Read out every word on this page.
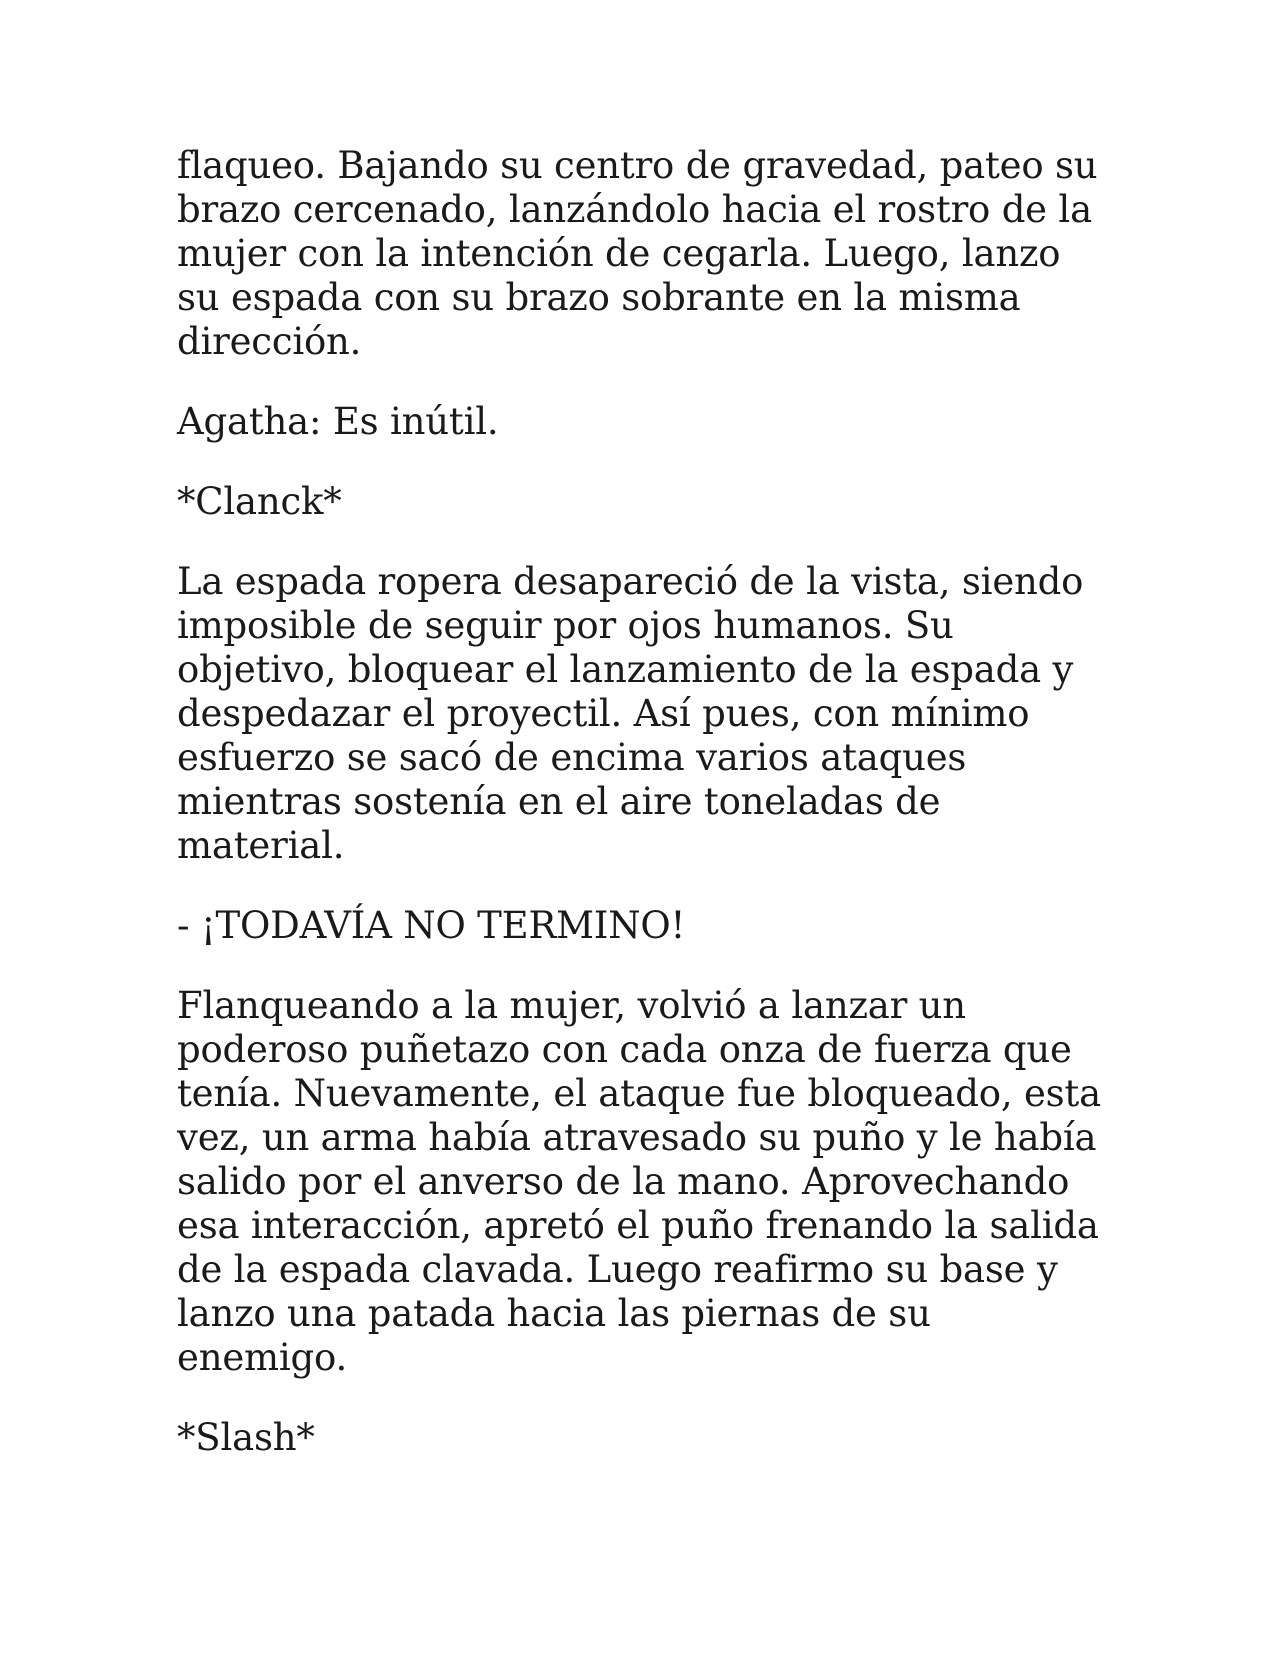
flaqueo. Bajando su centro de gravedad, pateo su brazo cercenado, lanzándolo hacia el rostro de la mujer con la intención de cegarla. Luego, lanzo su espada con su brazo sobrante en la misma dirección.

Agatha: Es inútil.

*Clanck*

La espada ropera desapareció de la vista, siendo imposible de seguir por ojos humanos. Su objetivo, bloquear el lanzamiento de la espada y despedazar el proyectil. Así pues, con mínimo esfuerzo se sacó de encima varios ataques mientras sostenía en el aire toneladas de material.

- ¡TODAVÍA NO TERMINO!

Flanqueando a la mujer, volvió a lanzar un poderoso puñetazo con cada onza de fuerza que tenía. Nuevamente, el ataque fue bloqueado, esta vez, un arma había atravesado su puño y le había salido por el anverso de la mano. Aprovechando esa interacción, apretó el puño frenando la salida de la espada clavada. Luego reafirmo su base y lanzo una patada hacia las piernas de su enemigo.

*Slash*
